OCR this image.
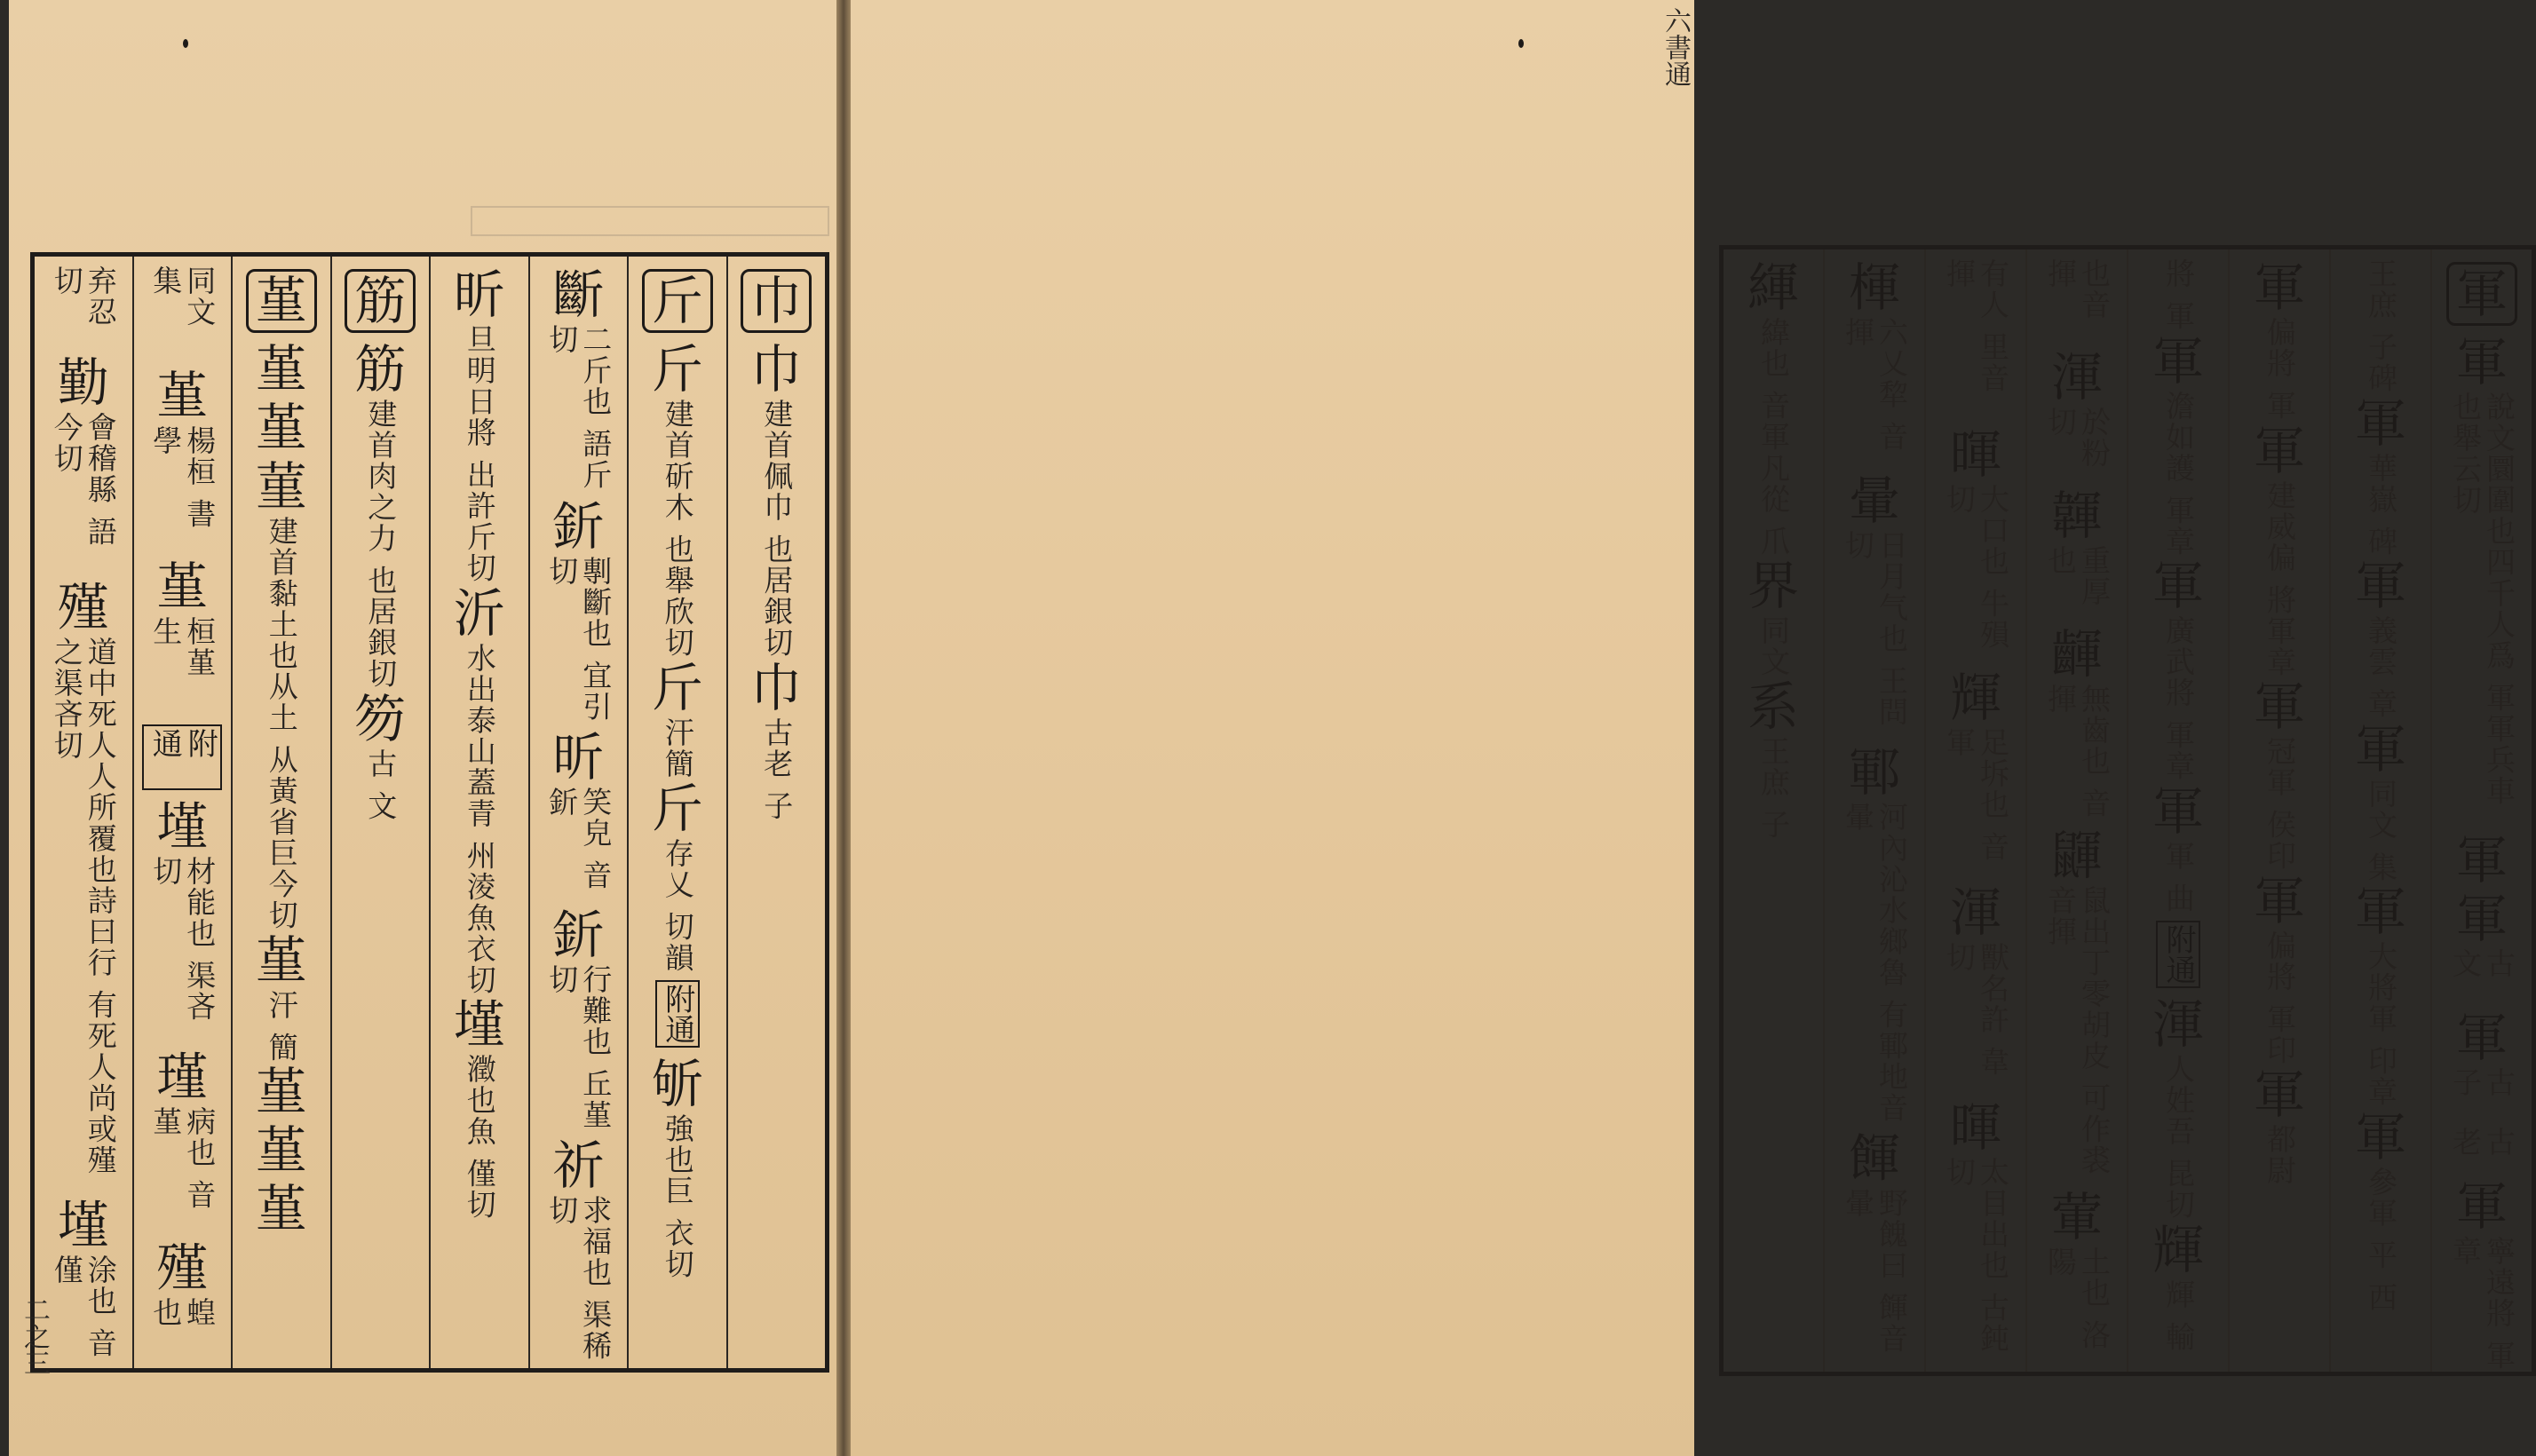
巾
巾
建首佩巾 也居銀切
巾
古老 子
斤
斤
建首斫木 也舉欣切
斤
汗簡
斤
存乂 切韻
附通
斪
強也巨 衣切
斷
二斤也 語斤切
釿
剸斷也 宜引切
昕
笑皃 音釿
釿
行難也 丘堇切
祈
求福也 渠稀切
昕
旦明日將 出許斤切
沂
水出泰山蓋青 州淩魚衣切
墐
瀓也魚 僅切
筋
筋
建首肉之力 也居銀切
笏
古 文
堇
堇
堇
菫
建首黏土也从土 从黃省巨今切
堇
汗 簡
堇
堇
堇
同文 集
堇
楊桓 書學
堇
桓堇 生
附通
墐
材能也 渠吝切
瑾
病也 音堇
殣
蝗 也
弃忍 切
勤
會稽縣 語今切
殣
道中死人人所覆也詩曰行 有死人尚或殣之渠吝切
墐
涂也 音僅
二之三
軍
軍
說文圜圍也四千人爲 軍軍兵車也舉云切
軍
軍
古 文
軍
古 子
古老
軍
寧遠將 軍章
王庶 子碑
軍
華嶽 碑
軍
義雲 章
軍
同文 集
軍
大將軍 印章
軍
參軍 平 西
軍
偏將 軍
軍
建威偏 將軍章
軍
冠軍 侯印
軍
偏將 軍印
軍
都尉
將 軍
軍
澹如護 軍章
軍
廣武將 軍章
軍
軍 曲
附通
渾
人姓吾 昆切
輝
輝 輸
也音 揮
渾
於粉切
韗
重厚也
齳
無齒也 音揮
鼲
鼠出丁零胡皮 可作裘音揮
葷
土也 洛 陽
有人 里音 揮
暉
大口也 牛殞切
輝
足坼也 音軍
渾
獸名許 韋切
暉
太目出也 古鈍切
楎
六乂犂 音揮
暈
日月气也 王問切
鄆
河內沁水鄉魯 有鄆地音暈
餫
野餽曰 餫音暈
緷
緯也 音軍
凡從 爪
界
同文
系
王庶 子
六書通
